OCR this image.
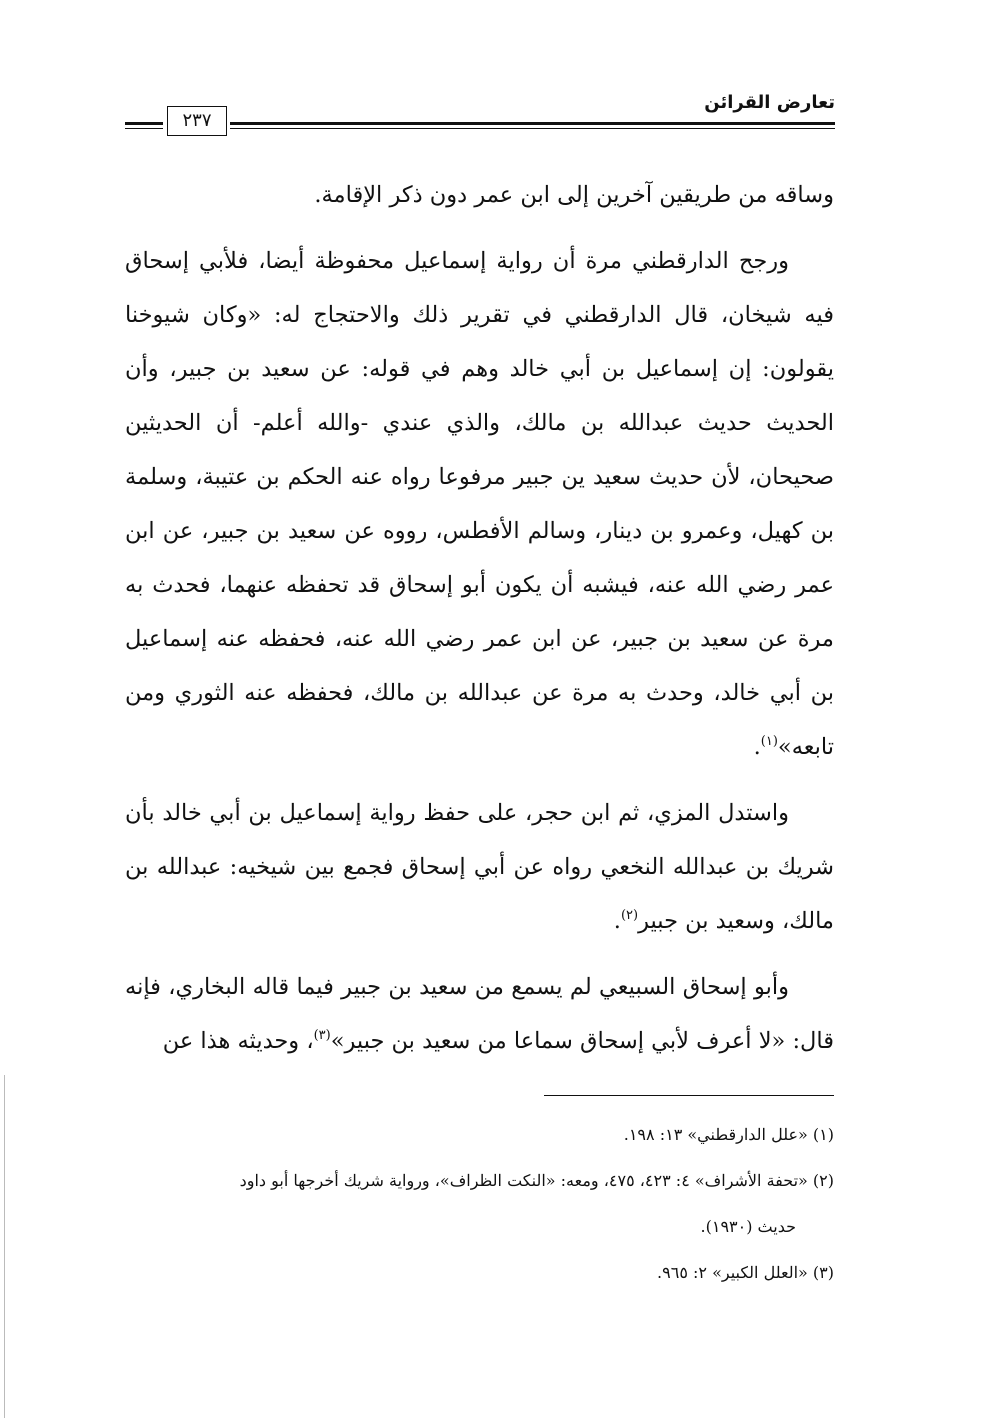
تعارض القرائن
٢٣٧

وساقه من طريقين آخرين إلى ابن عمر دون ذكر الإقامة.

ورجح الدارقطني مرة أن رواية إسماعيل محفوظة أيضا، فلأبي إسحاق فيه شيخان، قال الدارقطني في تقرير ذلك والاحتجاج له: «وكان شيوخنا يقولون: إن إسماعيل بن أبي خالد وهم في قوله: عن سعيد بن جبير، وأن الحديث حديث عبدالله بن مالك، والذي عندي -والله أعلم- أن الحديثين صحيحان، لأن حديث سعيد ين جبير مرفوعا رواه عنه الحكم بن عتيبة، وسلمة بن كهيل، وعمرو بن دينار، وسالم الأفطس، رووه عن سعيد بن جبير، عن ابن عمر رضي الله عنه، فيشبه أن يكون أبو إسحاق قد تحفظه عنهما، فحدث به مرة عن سعيد بن جبير، عن ابن عمر رضي الله عنه، فحفظه عنه إسماعيل بن أبي خالد، وحدث به مرة عن عبدالله بن مالك، فحفظه عنه الثوري ومن تابعه»$^{(١)}$.

واستدل المزي، ثم ابن حجر، على حفظ رواية إسماعيل بن أبي خالد بأن شريك بن عبدالله النخعي رواه عن أبي إسحاق فجمع بين شيخيه: عبدالله بن مالك، وسعيد بن جبير$^{(٢)}$.

وأبو إسحاق السبيعي لم يسمع من سعيد بن جبير فيما قاله البخاري، فإنه قال: «لا أعرف لأبي إسحاق سماعا من سعيد بن جبير»$^{(٣)}$، وحديثه هذا عن

(١) «علل الدارقطني» ١٣: ١٩٨.

(٢) «تحفة الأشراف» ٤: ٤٢٣، ٤٧٥، ومعه: «النكت الظراف»، ورواية شريك أخرجها أبو داود
حديث (١٩٣٠).

(٣) «العلل الكبير» ٢: ٩٦٥.
